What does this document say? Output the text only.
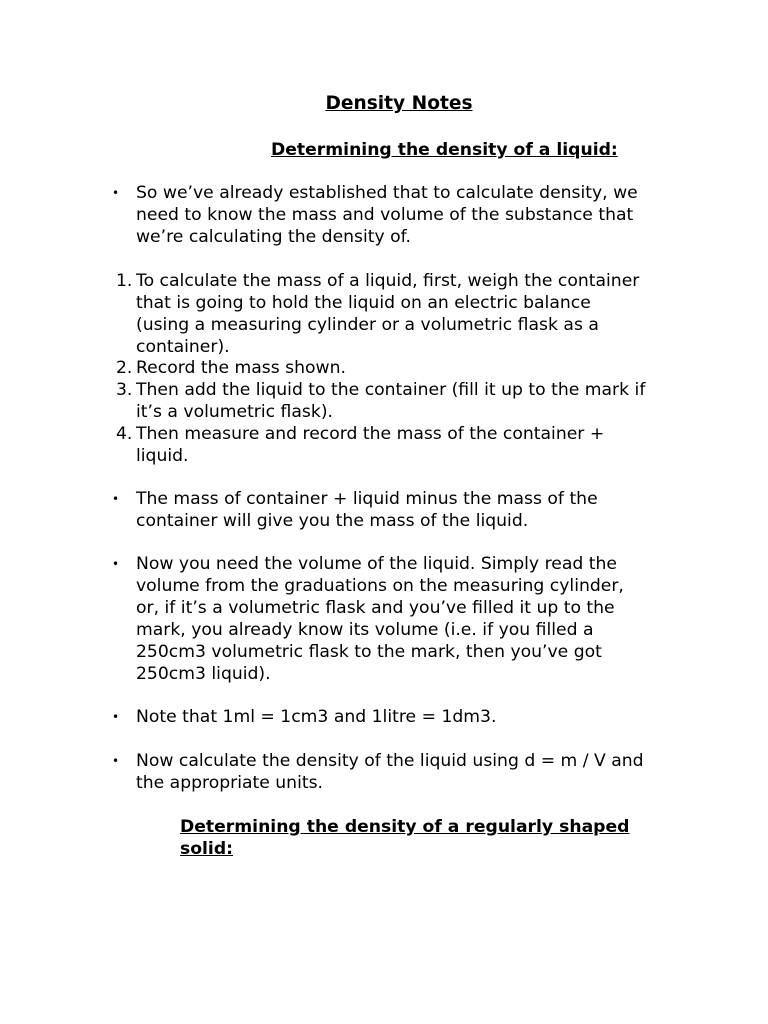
Density Notes
Determining the density of a liquid:
• So we’ve already established that to calculate density, we
need to know the mass and volume of the substance that
we’re calculating the density of.
1. To calculate the mass of a liquid, first, weigh the container
that is going to hold the liquid on an electric balance
(using a measuring cylinder or a volumetric flask as a
container).
2. Record the mass shown.
3. Then add the liquid to the container (fill it up to the mark if
it’s a volumetric flask).
4. Then measure and record the mass of the container +
liquid.
• The mass of container + liquid minus the mass of the
container will give you the mass of the liquid.
• Now you need the volume of the liquid. Simply read the
volume from the graduations on the measuring cylinder,
or, if it’s a volumetric flask and you’ve filled it up to the
mark, you already know its volume (i.e. if you filled a
250cm3 volumetric flask to the mark, then you’ve got
250cm3 liquid).
• Note that 1ml = 1cm3 and 1litre = 1dm3.
• Now calculate the density of the liquid using d = m / V and
the appropriate units.
Determining the density of a regularly shaped
solid:
